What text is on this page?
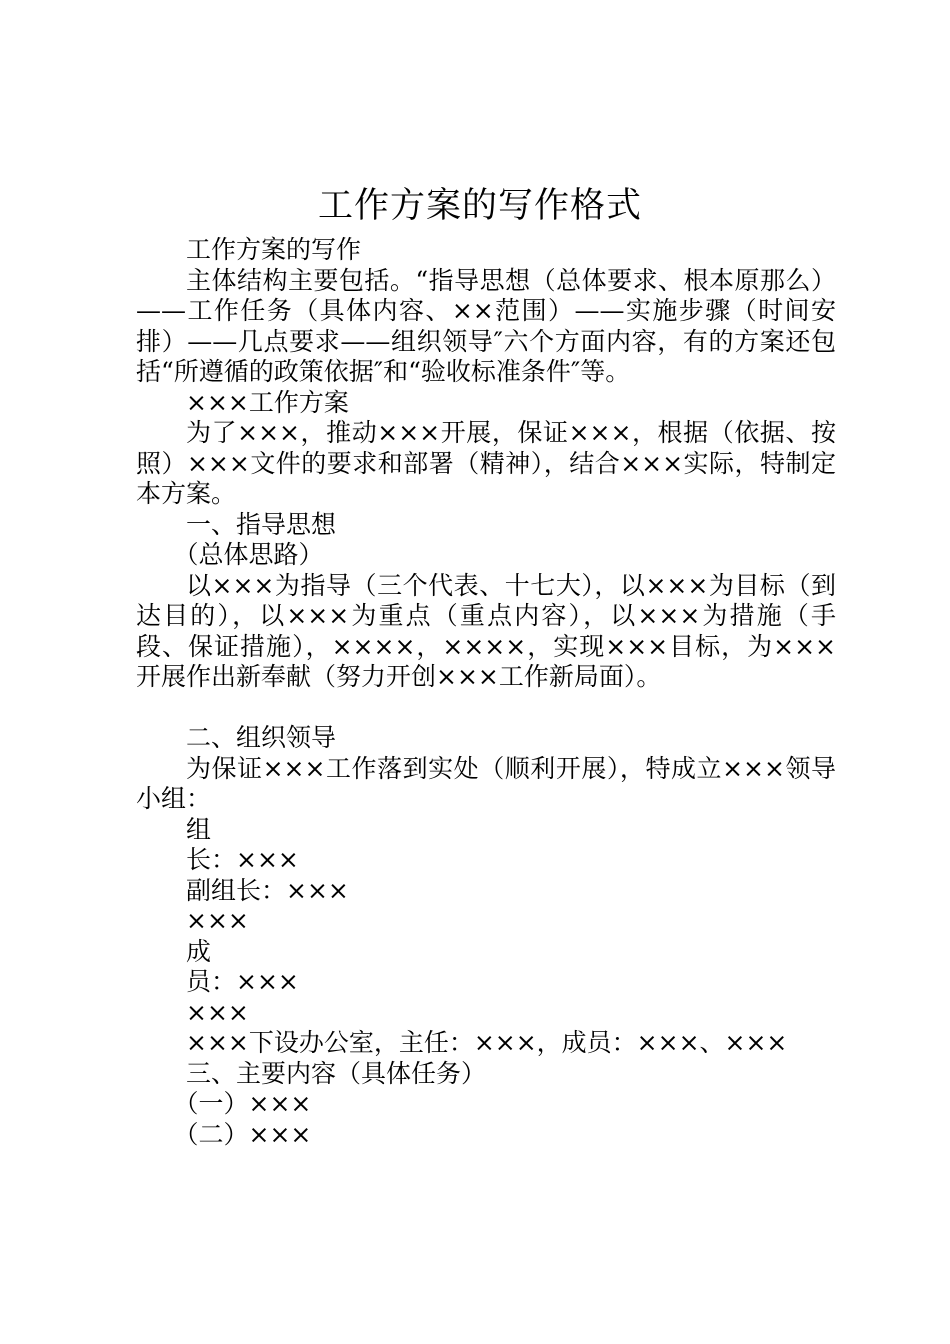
工作方案的写作格式

工作方案的写作

主体结构主要包括。“指导思想（总体要求、根本原那么）——工作任务（具体内容、××范围）——实施步骤（时间安排）——几点要求——组织领导″六个方面内容，有的方案还包括“所遵循的政策依据″和“验收标准条件″等。

×××工作方案

为了×××，推动×××开展，保证×××，根据（依据、按照）×××文件的要求和部署（精神），结合×××实际，特制定本方案。

一、指导思想

（总体思路）

以×××为指导（三个代表、十七大），以×××为目标（到达目的），以×××为重点（重点内容），以×××为措施（手段、保证措施），××××，××××，实现×××目标，为×××开展作出新奉献（努力开创×××工作新局面）。

二、组织领导

为保证×××工作落到实处（顺利开展），特成立×××领导小组：

组

长：×××

副组长：×××

×××

成

员：×××

×××

×××下设办公室，主任：×××，成员：×××、×××

三、主要内容（具体任务）

（一）×××

（二）×××
